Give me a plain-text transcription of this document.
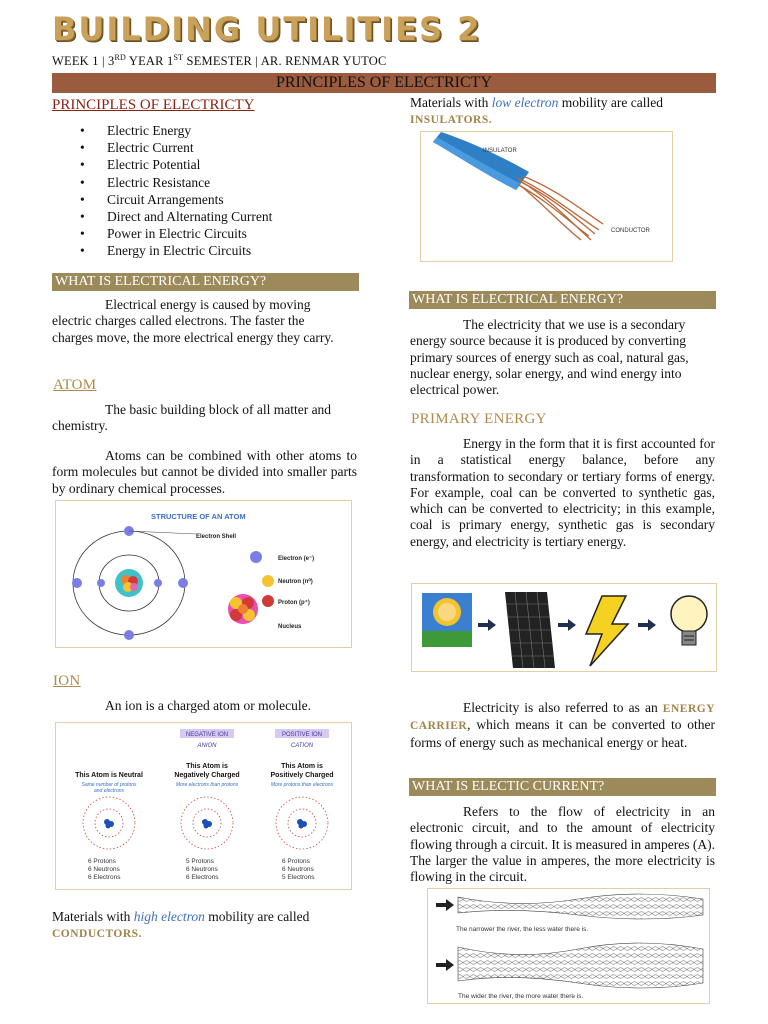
BUILDING UTILITIES 2
WEEK 1 | 3RD YEAR 1ST SEMESTER | AR. RENMAR YUTOC
PRINCIPLES OF ELECTRICTY
PRINCIPLES OF ELECTRICTY
• Electric Energy
• Electric Current
• Electric Potential
• Electric Resistance
• Circuit Arrangements
• Direct and Alternating Current
• Power in Electric Circuits
• Energy in Electric Circuits
WHAT IS ELECTRICAL ENERGY?
Electrical energy is caused by moving electric charges called electrons. The faster the charges move, the more electrical energy they carry.
ATOM
The basic building block of all matter and chemistry.
Atoms can be combined with other atoms to form molecules but cannot be divided into smaller parts by ordinary chemical processes.
STRUCTURE OF AN ATOM
Electron Shell
Electron (e⁻)
Neutron (n⁰)
Proton (p⁺)
Nucleus
ION
An ion is a charged atom or molecule.
NEGATIVE ION
ANION
POSITIVE ION
CATION
This Atom is Neutral
This Atom is
Negatively Charged
This Atom is
Positively Charged
Same number of protons
and electrons
More electrons than protons	More protons than electrons
6 Protons
6 Neutrons
6 Electrons
5 Protons
6 Neutrons
6 Electrons
6 Protons
6 Neutrons
5 Electrons
Materials with high electron mobility are called
CONDUCTORS.
Materials with low electron mobility are called
INSULATORS.
INSULATOR
CONDUCTOR
WHAT IS ELECTRICAL ENERGY?
The electricity that we use is a secondary energy source because it is produced by converting primary sources of energy such as coal, natural gas, nuclear energy, solar energy, and wind energy into electrical power.
PRIMARY ENERGY
Energy in the form that it is first accounted for in a statistical energy balance, before any transformation to secondary or tertiary forms of energy. For example, coal can be converted to synthetic gas, which can be converted to electricity; in this example, coal is primary energy, synthetic gas is secondary energy, and electricity is tertiary energy.
Electricity is also referred to as an ENERGY CARRIER, which means it can be converted to other forms of energy such as mechanical energy or heat.
WHAT IS ELECTIC CURRENT?
Refers to the flow of electricity in an electronic circuit, and to the amount of electricity flowing through a circuit. It is measured in amperes (A). The larger the value in amperes, the more electricity is flowing in the circuit.
The narrower the river, the less water there is.
The wider the river, the more water there is.
